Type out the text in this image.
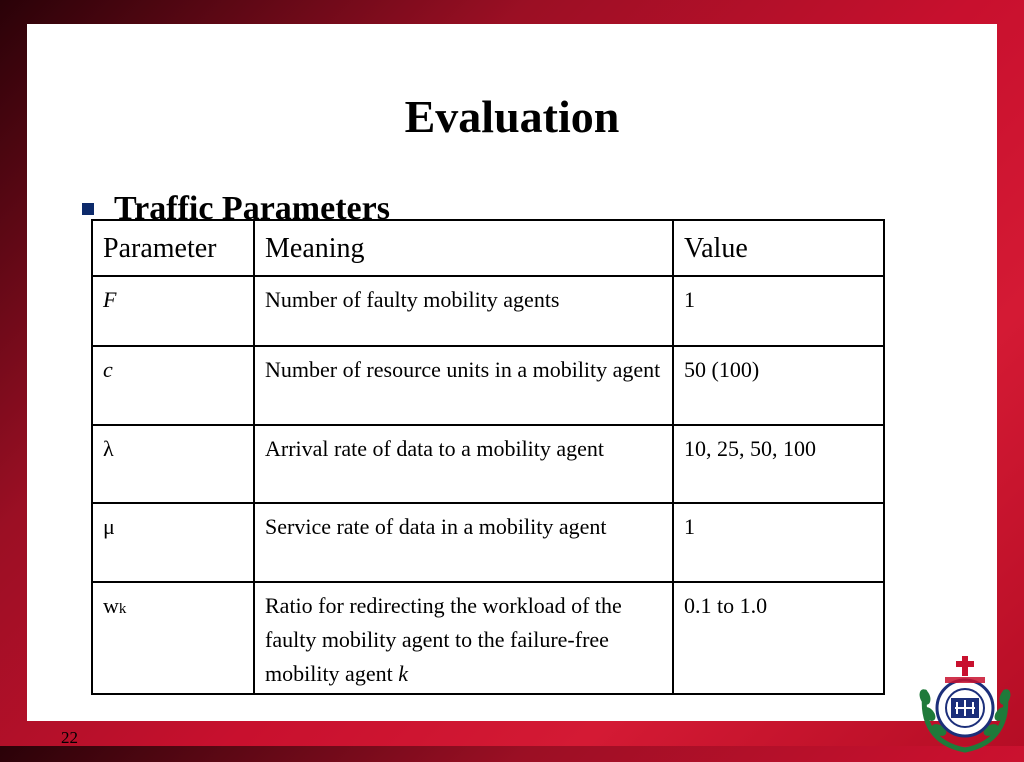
Evaluation
Traffic Parameters
Parameter	Meaning	Value
F	Number of faulty mobility agents	1
c	Number of resource units in a mobility agent	50 (100)
λ	Arrival rate of data to a mobility agent	10, 25, 50, 100
μ	Service rate of data in a mobility agent	1
wk	Ratio for redirecting the workload of the faulty mobility agent to the failure-free mobility agent k	0.1 to 1.0
22
